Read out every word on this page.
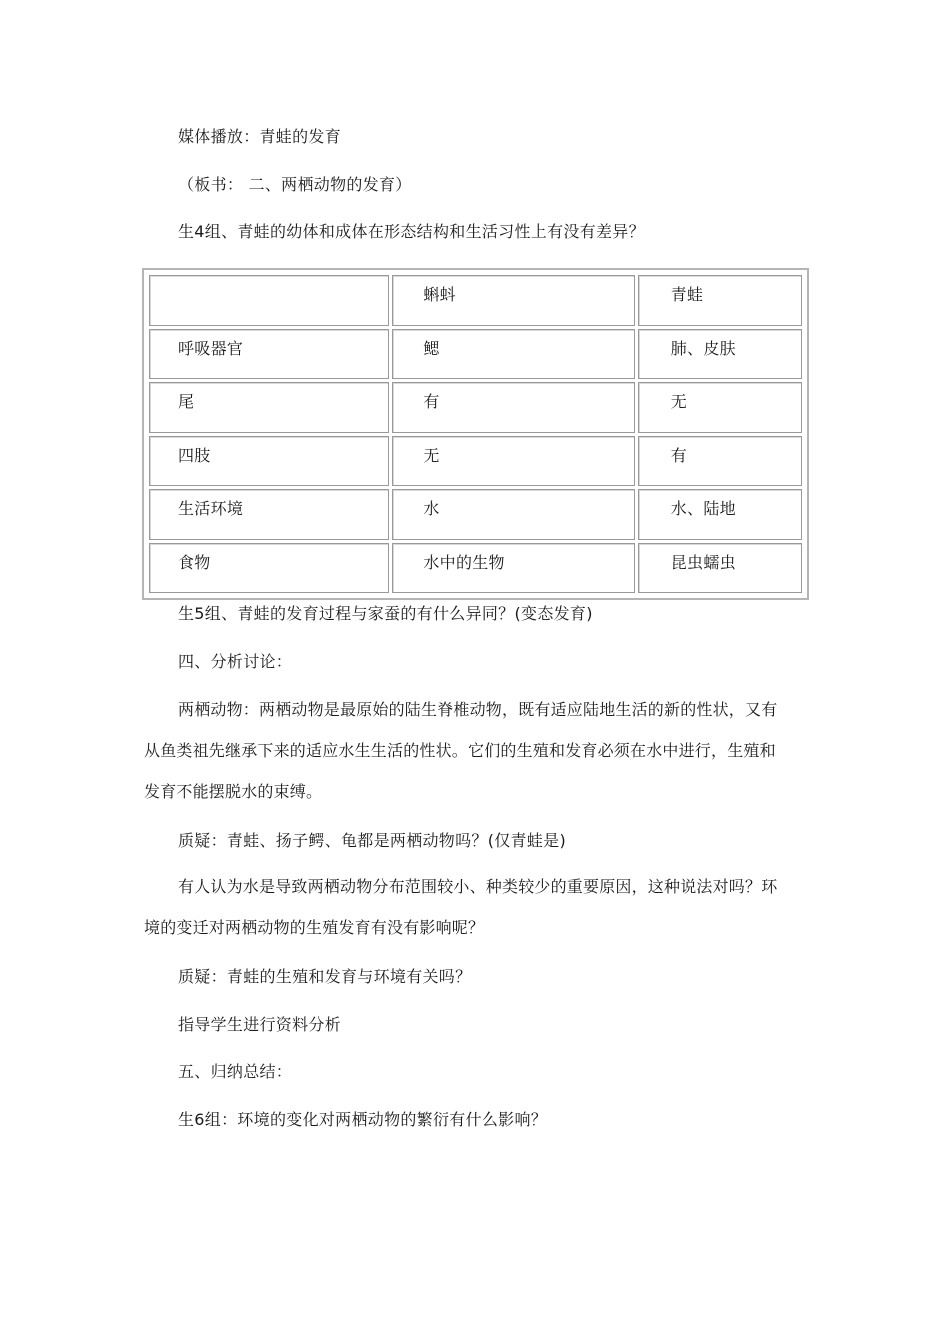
媒体播放：青蛙的发育
（板书： 二、两栖动物的发育）
生4组、青蛙的幼体和成体在形态结构和生活习性上有没有差异？
	蝌蚪	青蛙
呼吸器官	鳃	肺、皮肤
尾	有	无
四肢	无	有
生活环境	水	水、陆地
食物	水中的生物	昆虫蠕虫
生5组、青蛙的发育过程与家蚕的有什么异同？(变态发育)
四、分析讨论：
两栖动物：两栖动物是最原始的陆生脊椎动物，既有适应陆地生活的新的性状，又有
从鱼类祖先继承下来的适应水生生活的性状。它们的生殖和发育必须在水中进行，生殖和
发育不能摆脱水的束缚。
质疑：青蛙、扬子鳄、龟都是两栖动物吗？(仅青蛙是)
有人认为水是导致两栖动物分布范围较小、种类较少的重要原因，这种说法对吗？环
境的变迁对两栖动物的生殖发育有没有影响呢？
质疑：青蛙的生殖和发育与环境有关吗？
指导学生进行资料分析
五、归纳总结：
生6组：环境的变化对两栖动物的繁衍有什么影响？
